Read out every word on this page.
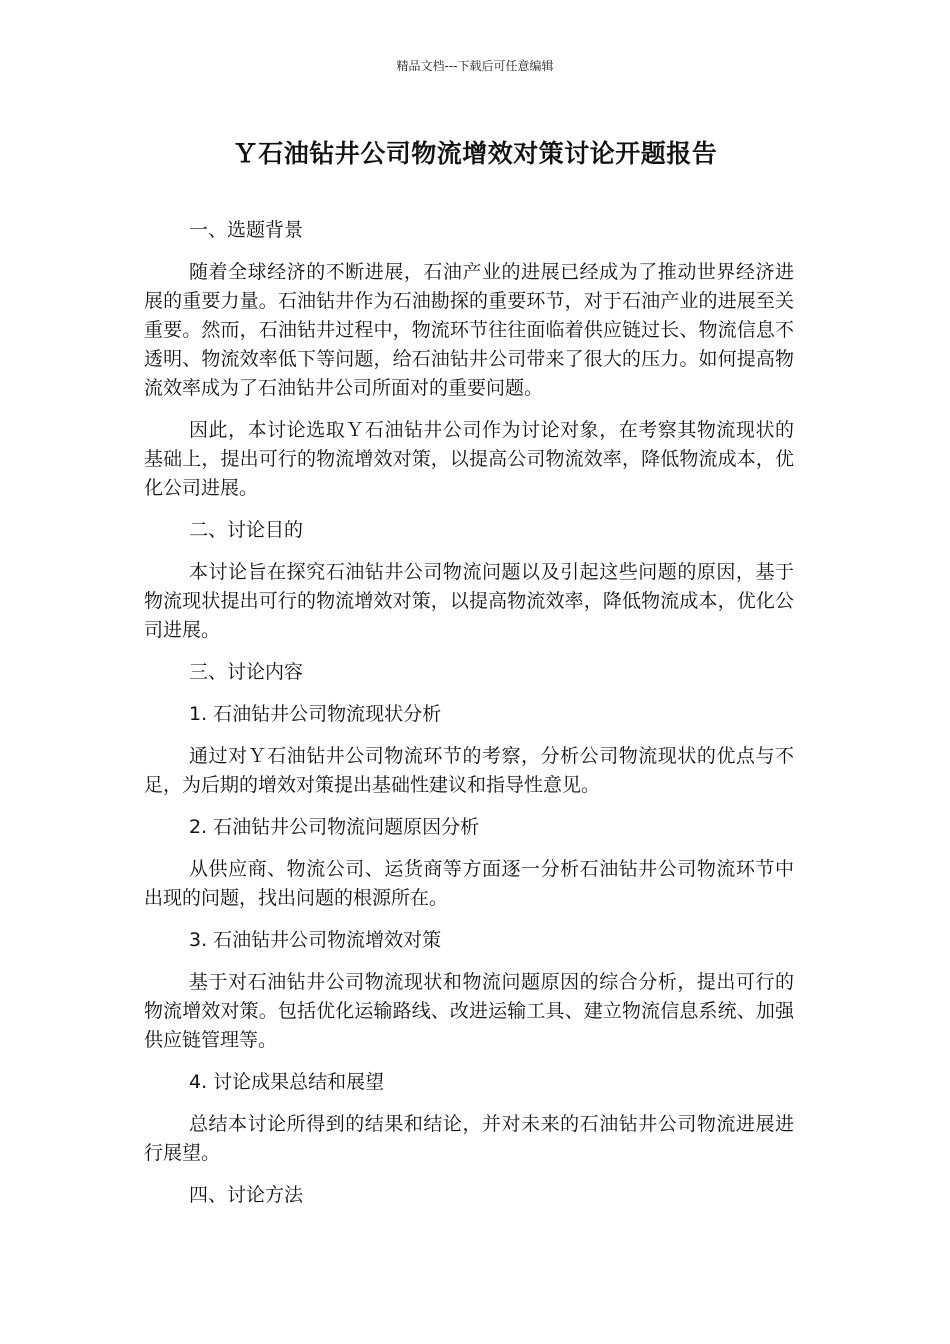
精品文档---下载后可任意编辑
Ｙ石油钻井公司物流增效对策讨论开题报告

一、选题背景

随着全球经济的不断进展，石油产业的进展已经成为了推动世界经济进展的重要力量。石油钻井作为石油勘探的重要环节，对于石油产业的进展至关重要。然而，石油钻井过程中，物流环节往往面临着供应链过长、物流信息不透明、物流效率低下等问题，给石油钻井公司带来了很大的压力。如何提高物流效率成为了石油钻井公司所面对的重要问题。

因此，本讨论选取Ｙ石油钻井公司作为讨论对象，在考察其物流现状的基础上，提出可行的物流增效对策，以提高公司物流效率，降低物流成本，优化公司进展。

二、讨论目的

本讨论旨在探究石油钻井公司物流问题以及引起这些问题的原因，基于物流现状提出可行的物流增效对策，以提高物流效率，降低物流成本，优化公司进展。

三、讨论内容

1. 石油钻井公司物流现状分析

通过对Ｙ石油钻井公司物流环节的考察，分析公司物流现状的优点与不足，为后期的增效对策提出基础性建议和指导性意见。

2. 石油钻井公司物流问题原因分析

从供应商、物流公司、运货商等方面逐一分析石油钻井公司物流环节中出现的问题，找出问题的根源所在。

3. 石油钻井公司物流增效对策

基于对石油钻井公司物流现状和物流问题原因的综合分析，提出可行的物流增效对策。包括优化运输路线、改进运输工具、建立物流信息系统、加强供应链管理等。

4. 讨论成果总结和展望

总结本讨论所得到的结果和结论，并对未来的石油钻井公司物流进展进行展望。

四、讨论方法
